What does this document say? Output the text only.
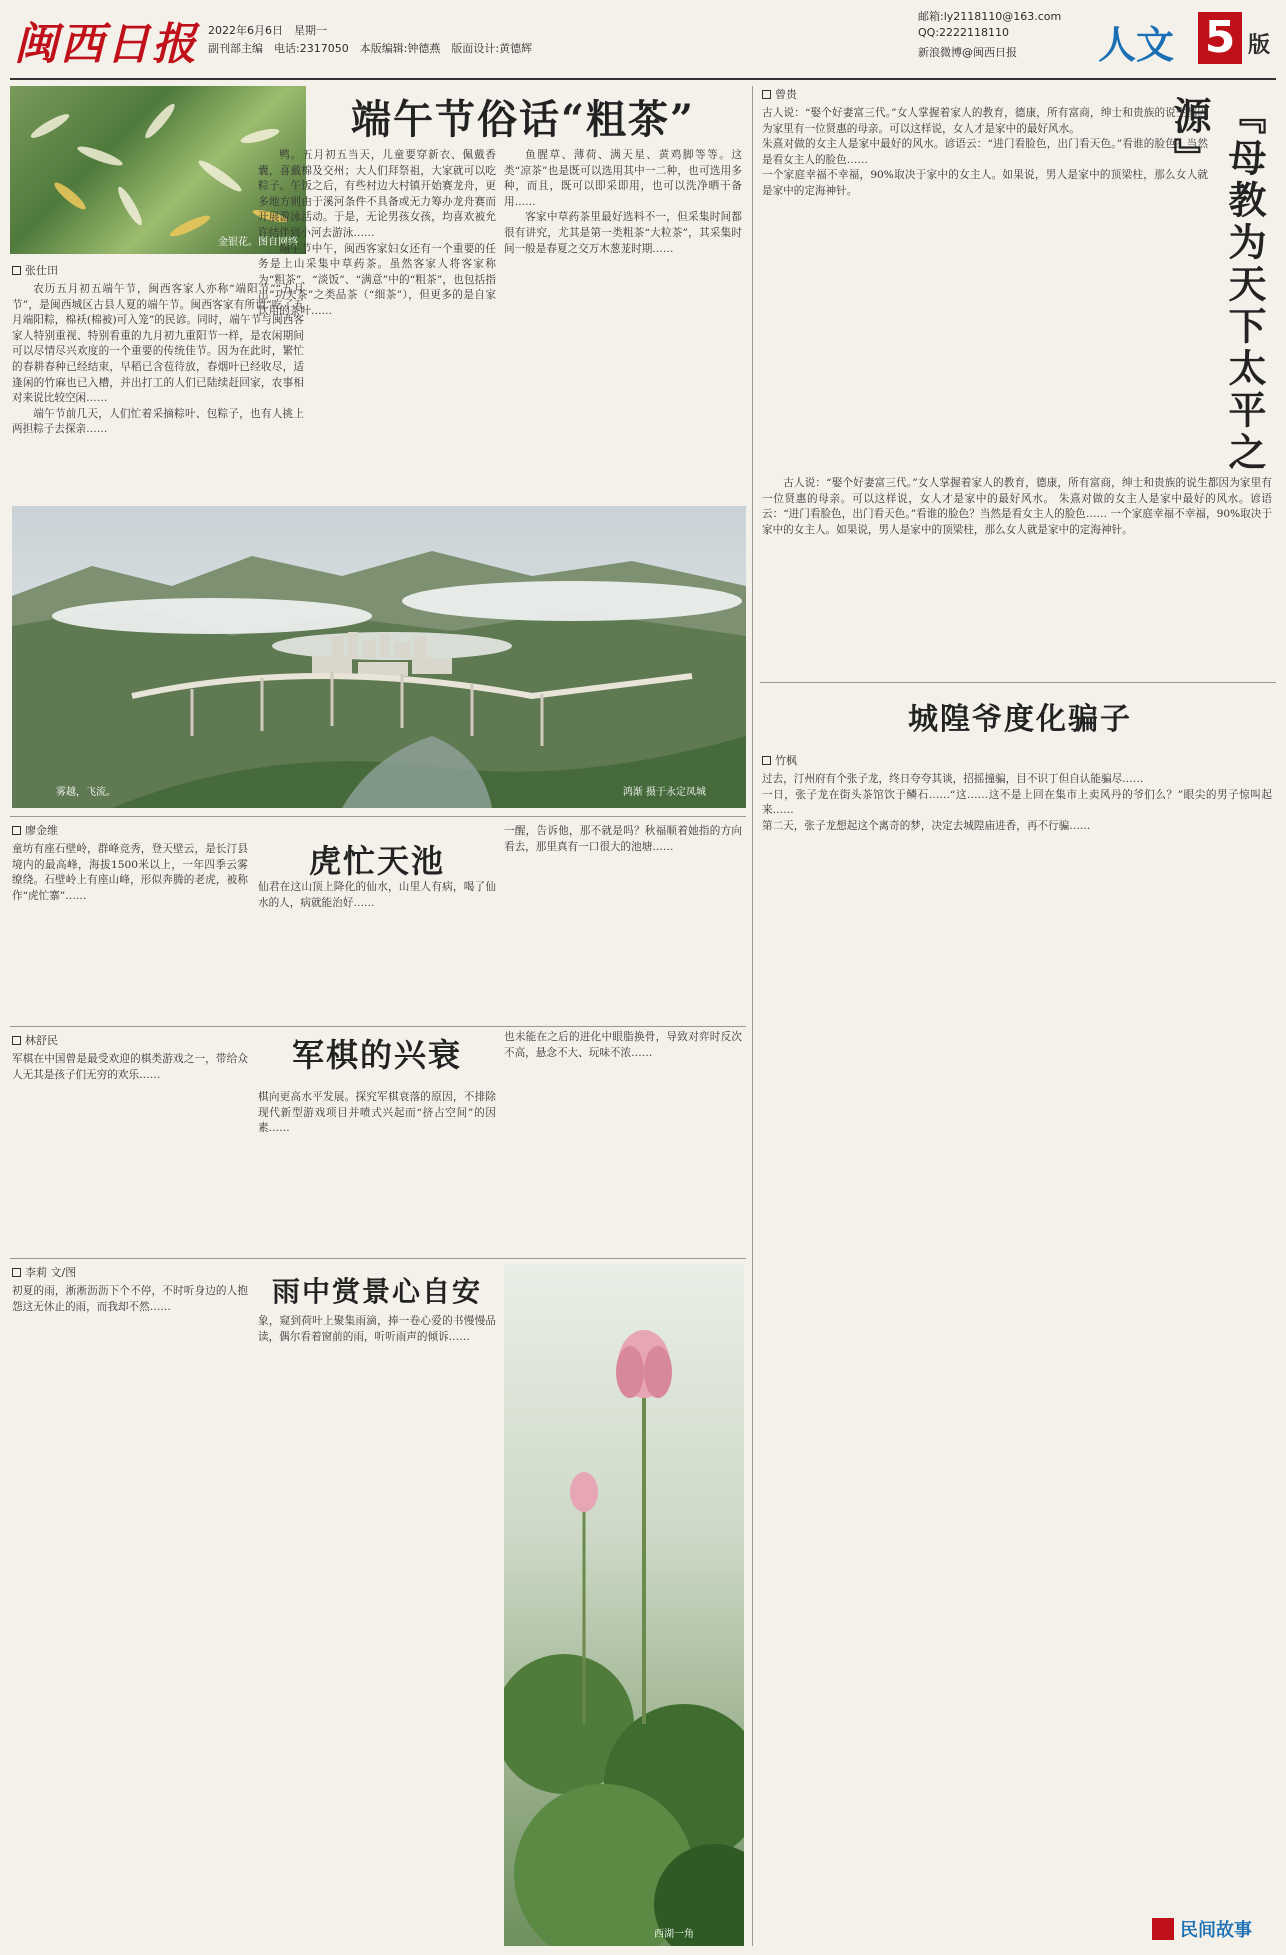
闽西日报 2022年6月6日　星期一
副刊部主编　电话:2317050　本版编辑:钟德燕　版面设计:黄德辉
邮箱:ly2118110@163.com
QQ:2222118110
新浪微博@闽西日报 人文 5 版
金银花。图自网络
端午节俗话“粗茶”
张仕田

农历五月初五端午节，闽西客家人亦称“端阳节”“五月节”，是闽西城区古县人夏的端午节。闽西客家有所谓“吃了五月端阳粽，棉袄(棉被)可入笼”的民谚。同时，端午节与闽西客家人特别重视、特别看重的九月初九重阳节一样，是农闲期间可以尽情尽兴欢度的一个重要的传统佳节。因为在此时，繁忙的春耕春种已经结束，早稻已含苞待放，春烟叶已经收尽，适逢闲的竹麻也已入槽，并出打工的人们已陆续赶回家，农事相对来说比较空闲……

端午节前几天，人们忙着采摘粽叶、包粽子，也有人挑上两担粽子去探亲……

鸭。五月初五当天，儿童要穿新衣、佩戴香囊，喜戴棉及交州；大人们拜祭祖，大家就可以吃粽子。午饭之后，有些村边大村镇开始赛龙舟，更多地方则由于溪河条件不具备或无力筹办龙舟赛而开展游泳活动。于是，无论男孩女孩，均喜欢被允许结伴到小河去游泳……

端午节中午，闽西客家妇女还有一个重要的任务是上山采集中草药茶。虽然客家人将客家称为“粗茶”、“淡饭”、“满意”中的“粗茶”，也包括指出“功夫茶”之类品茶（“细茶”），但更多的是自家饮用的茶叶……

鱼腥草、薄荷、满天星、黄鸡脚等等。这类“凉茶”也是既可以选用其中一二种，也可选用多种，而且，既可以即采即用，也可以洗净晒干备用……

客家中草药茶里最好选料不一，但采集时间都很有讲究，尤其是第一类粗茶“大粒茶”，其采集时间一般是春夏之交万木葱茏时期……

雾越，飞流。	鸿渐 摄于永定凤城
曾贵
『母教为天下太平之源』
古人说：“娶个好妻富三代。”女人掌握着家人的教育，德康，所有富商，绅士和贵族的说生都因为家里有一位贤惠的母亲。可以这样说，女人才是家中的最好风水。
朱熹对做的女主人是家中最好的风水。谚语云：“进门看脸色，出门看天色。”看谁的脸色？当然是看女主人的脸色……
一个家庭幸福不幸福，90%取决于家中的女主人。如果说，男人是家中的顶梁柱，那么女人就是家中的定海神针。

古人说：“娶个好妻富三代。”女人掌握着家人的教育，德康，所有富商，绅士和贵族的说生都因为家里有一位贤惠的母亲。可以这样说，女人才是家中的最好风水。 朱熹对做的女主人是家中最好的风水。谚语云：“进门看脸色，出门看天色。”看谁的脸色？当然是看女主人的脸色…… 一个家庭幸福不幸福，90%取决于家中的女主人。如果说，男人是家中的顶梁柱，那么女人就是家中的定海神针。

城隍爷度化骗子
竹枫
过去，汀州府有个张子龙，终日夸夸其谈，招摇撞骗，目不识丁但自认能骗尽……
一日，张子龙在街头茶馆饮于鳞石……“这……这不是上回在集市上卖风丹的爷们么？”眼尖的男子惊叫起来……
第二天，张子龙想起这个离奇的梦，决定去城隍庙进香，再不行骗……
民间故事
廖金维
虎忙天池
童坊有座石壁岭，群峰竞秀，登天壁云，是长汀县境内的最高峰，海拔1500米以上，一年四季云雾缭绕。石壁岭上有座山峰，形似奔腾的老虎，被称作“虎忙寨”……
仙君在这山顶上降化的仙水，山里人有病，喝了仙水的人，病就能治好……
一醒，告诉他，那不就是吗？秋福顺着她指的方向看去，那里真有一口很大的池塘……
林舒民	军棋的兴衰
军棋在中国曾是最受欢迎的棋类游戏之一，带给众人无其是孩子们无穷的欢乐……
棋向更高水平发展。探究军棋衰落的原因，不排除现代新型游戏项目并喷式兴起而“挤占空间”的因素……
也未能在之后的进化中眼脂换骨，导致对弈时反次不高，悬念不大、玩味不浓……
李莉 文/图
雨中赏景心自安
初夏的雨，淅淅沥沥下个不停，不时听身边的人抱怨这无休止的雨，而我却不然……
象，窥到荷叶上聚集雨滴，捧一卷心爱的书慢慢品读，偶尔看着窗前的雨，听听雨声的倾诉……
西湖一角
